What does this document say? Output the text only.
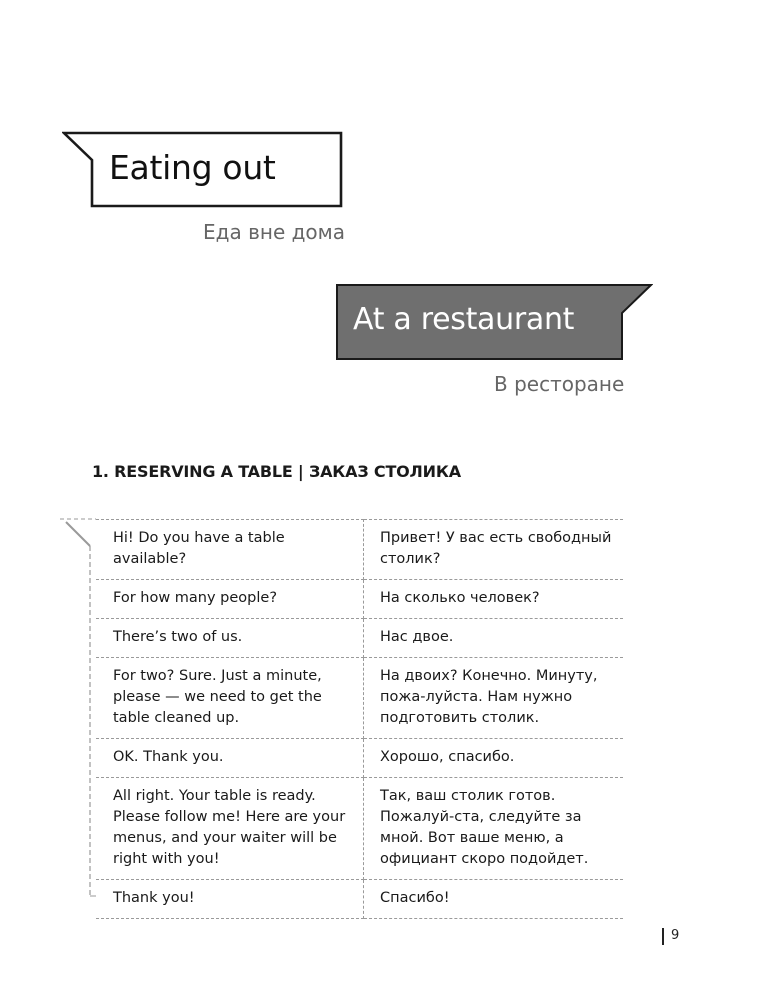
Eating out
Еда вне дома
At a restaurant
В ресторане
1. RESERVING A TABLE | ЗАКАЗ СТОЛИКА
Hi! Do you have a table available?	Привет! У вас есть свободный столик?
For how many people?	На сколько человек?
There’s two of us.	Нас двое.
For two? Sure. Just a minute, please — we need to get the table cleaned up.	На двоих? Конечно. Минуту, пожа-луйста. Нам нужно подготовить столик.
OK. Thank you.	Хорошо, спасибо.
All right. Your table is ready. Please follow me! Here are your menus, and your waiter will be right with you!	Так, ваш столик готов. Пожалуй-ста, следуйте за мной. Вот ваше меню, а официант скоро подойдет.
Thank you!	Спасибо!
9
